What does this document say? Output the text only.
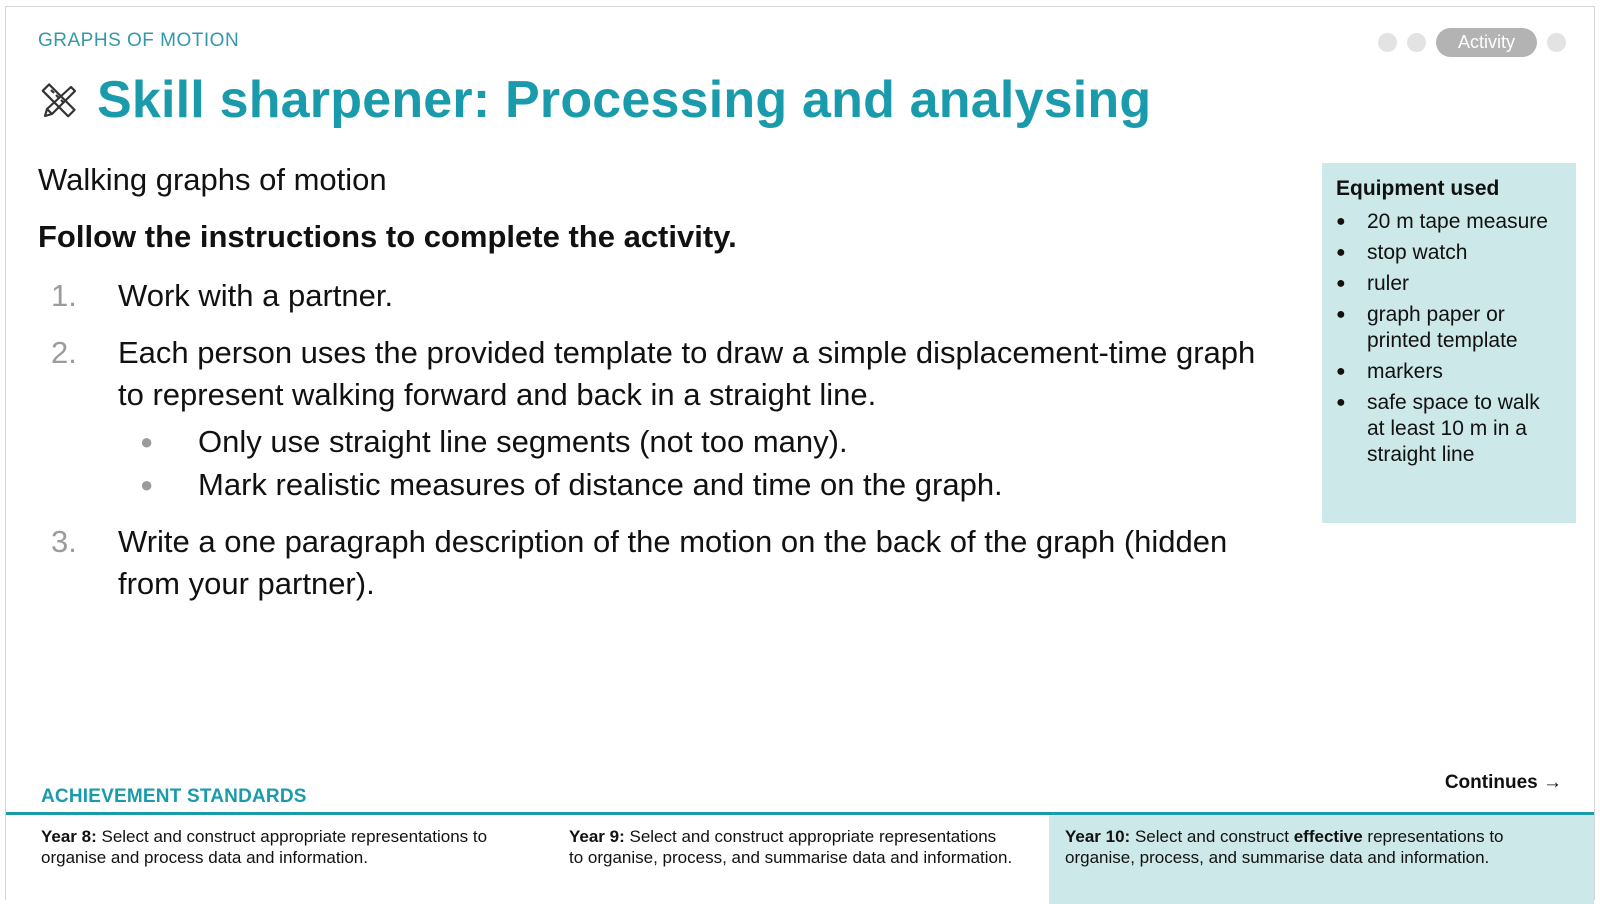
GRAPHS OF MOTION	Activity
Skill sharpener: Processing and analysing
Walking graphs of motion
Follow the instructions to complete the activity.
1. Work with a partner.
2. Each person uses the provided template to draw a simple displacement-time graph to represent walking forward and back in a straight line.
● Only use straight line segments (not too many).
● Mark realistic measures of distance and time on the graph.
3. Write a one paragraph description of the motion on the back of the graph (hidden from your partner).
Equipment used
● 20 m tape measure
● stop watch
● ruler
● graph paper or printed template
● markers
● safe space to walk at least 10 m in a straight line
ACHIEVEMENT STANDARDS
Continues →
Year 8: Select and construct appropriate representations to organise and process data and information.
Year 9: Select and construct appropriate representations to organise, process, and summarise data and information.
Year 10: Select and construct effective representations to organise, process, and summarise data and information.
